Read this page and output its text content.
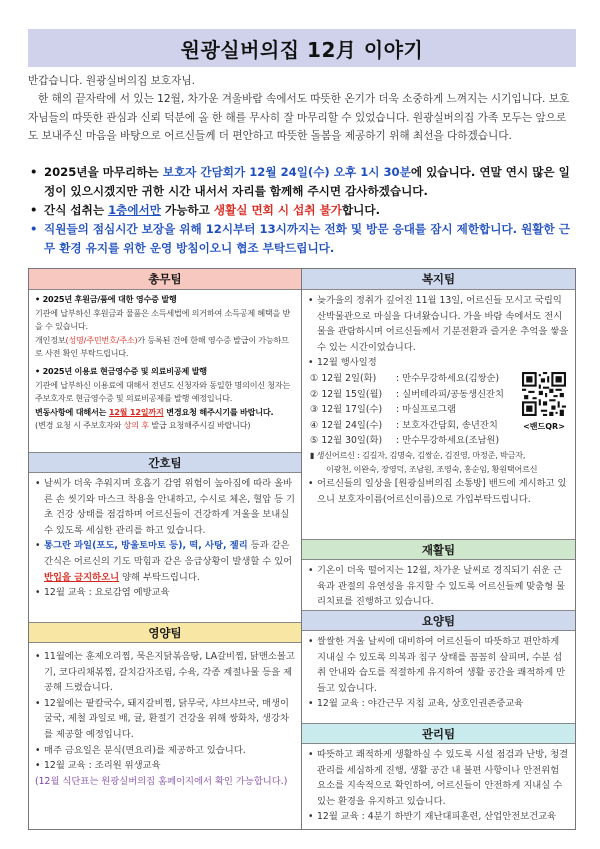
원광실버의집 12月 이야기

반갑습니다. 원광실버의집 보호자님.

한 해의 끝자락에 서 있는 12월, 차가운 겨울바람 속에서도 따뜻한 온기가 더욱 소중하게 느껴지는 시기입니다. 보호자님들의 따뜻한 관심과 신뢰 덕분에 올 한 해를 무사히 잘 마무리할 수 있었습니다. 원광실버의집 가족 모두는 앞으로도 보내주신 마음을 바탕으로 어르신들께 더 편안하고 따뜻한 돌봄을 제공하기 위해 최선을 다하겠습니다.

• 2025년을 마무리하는 보호자 간담회가 12월 24일(수) 오후 1시 30분에 있습니다. 연말 연시 많은 일정이 있으시겠지만 귀한 시간 내서서 자리를 함께해 주시면 감사하겠습니다.
• 간식 섭취는 1층에서만 가능하고 생활실 면회 시 섭취 불가합니다.
• 직원들의 점심시간 보장을 위해 12시부터 13시까지는 전화 및 방문 응대를 잠시 제한합니다. 원활한 근무 환경 유지를 위한 운영 방침이오니 협조 부탁드립니다.
총무팀
• 2025년 후원금/품에 대한 영수증 발행
기관에 납부하신 후원금과 물품은 소득세법에 의거하여 소득공제 혜택을 받을 수 있습니다.
개인정보(성명/주민번호/주소)가 등록된 건에 한해 영수증 발급이 가능하므로 사전 확인 부탁드립니다.
• 2025년 이용료 현금영수증 및 의료비공제 발행
기관에 납부하신 이용료에 대해서 전년도 신청자와 동일한 명의이신 청자는 주보호자로 현금영수증 및 의료비공제를 발행 예정입니다.
변동사항에 대해서는 12월 12일까지 변경요청 해주시기를 바랍니다.
(변경 요청 시 주보호자와 상의 후 발급 요청해주시길 바랍니다)
간호팀
• 날씨가 더욱 추워지며 호흡기 감염 위험이 높아짐에 따라 올바른 손 씻기와 마스크 착용을 안내하고, 수시로 체온, 혈압 등 기초 건강 상태를 점검하며 어르신들이 건강하게 겨울을 보내실 수 있도록 세심한 관리를 하고 있습니다.
• 통그란 과일(포도, 방울토마토 등), 떡, 사탕, 젤리 등과 같은 간식은 어르신의 기도 막힘과 같은 응급상황이 발생할 수 있어 반입을 금지하오니 양해 부탁드립니다.
• 12월 교육 : 요로감염 예방교육
영양팀
• 11월에는 훈제오리찜, 묵은지닭볶음탕, LA갈비찜, 닭맨소볼고기, 코다리채볶찜, 갈치감자조림, 수육, 각종 계절나물 등을 제공해 드렸습니다.
• 12월에는 팥칼국수, 돼지갈비찜, 닭무국, 샤브샤브국, 매생이굴국, 제철 과일로 배, 귤, 환절기 건강을 위해 쌍화차, 생강차를 제공할 예정입니다.
• 매주 금요일은 분식(면요리)를 제공하고 있습니다.
• 12월 교육 : 조리원 위생교육
(12월 식단표는 원광실버의집 홈페이지에서 확인 가능합니다.)
복지팀
• 늦가을의 정취가 깊어진 11월 13일, 어르신들 모시고 국립익산박물관으로 마실을 다녀왔습니다. 가을 바람 속에서도 전시물을 관람하시며 어르신들께서 기분전환과 즐거운 추억을 쌓을 수 있는 시간이었습니다.
• 12월 행사일정
① 12월 2일(화)	: 만수무강하세요(김쌍순)
② 12월 15일(월)	: 실버테라피/공동생신잔치
③ 12월 17일(수)	: 마실프로그램
④ 12월 24일(수)	: 보호자간담회, 송년잔치
⑤ 12월 30일(화)	: 만수무강하세요(조남원)
▮ 생신어르신 : 김길자, 김명숙, 김쌍순, 김진영, 마정준, 박금자,
이광천, 이완숙, 장영덕, 조남원, 조영숙, 홍순임, 황원택어르신
• 어르신들의 일상을 [원광실버의집 소통방] 밴드에 게시하고 있으니 보호자이름(어르신이름)으로 가입부탁드립니다.
재활팀
• 기온이 더욱 떨어지는 12월, 차가운 날씨로 경직되기 쉬운 근육과 관절의 유연성을 유지할 수 있도록 어르신들께 맞춤형 물리치료를 진행하고 있습니다.
요양팀
• 쌀쌀한 겨울 날씨에 대비하여 어르신들이 따뜻하고 편안하게 지내실 수 있도록 의복과 침구 상태를 꼼꼼히 살피며, 수분 섭취 안내와 습도를 적절하게 유지하여 생활 공간을 쾌적하게 만들고 있습니다.
• 12월 교육 : 야간근무 지침 교육, 상호인권존중교육
관리팀
• 따뜻하고 쾌적하게 생활하실 수 있도록 시설 점검과 난방, 청결 관리를 세심하게 진행, 생활 공간 내 불편 사항이나 안전위험 요소를 지속적으로 확인하여, 어르신들이 안전하게 지내실 수 있는 환경을 유지하고 있습니다.
• 12월 교육 : 4분기 하반기 재난대피훈련, 산업안전보건교육
<밴드QR>
